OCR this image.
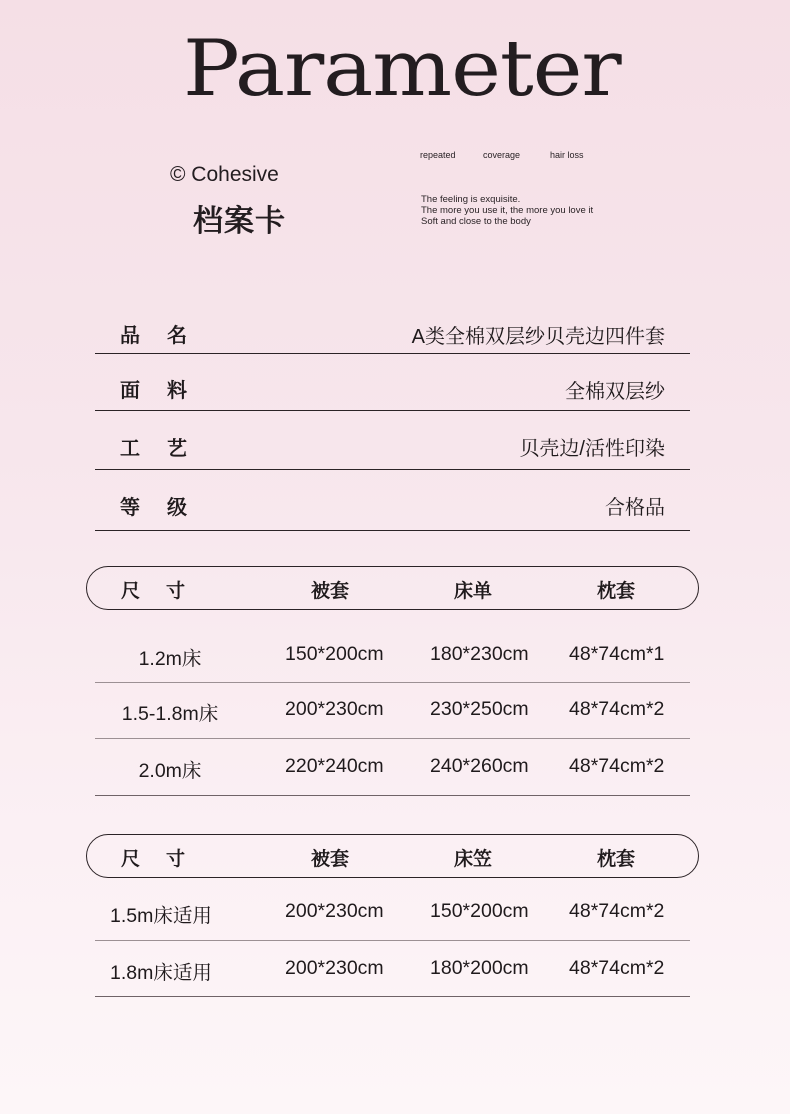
Parameter
© Cohesive
档案卡
repeated	coverage	hair loss
The feeling is exquisite.
The more you use it, the more you love it
Soft and close to the body
品 名	A类全棉双层纱贝壳边四件套
面 料	全棉双层纱
工 艺	贝壳边/活性印染
等 级	合格品
尺 寸	被套	床单	枕套
1.2m床	150*200cm 180*230cm 48*74cm*1
1.5-1.8m床	200*230cm 230*250cm 48*74cm*2
2.0m床	220*240cm 240*260cm 48*74cm*2
尺 寸	被套	床笠	枕套
1.5m床适用	200*230cm 150*200cm 48*74cm*2
1.8m床适用	200*230cm 180*200cm 48*74cm*2
